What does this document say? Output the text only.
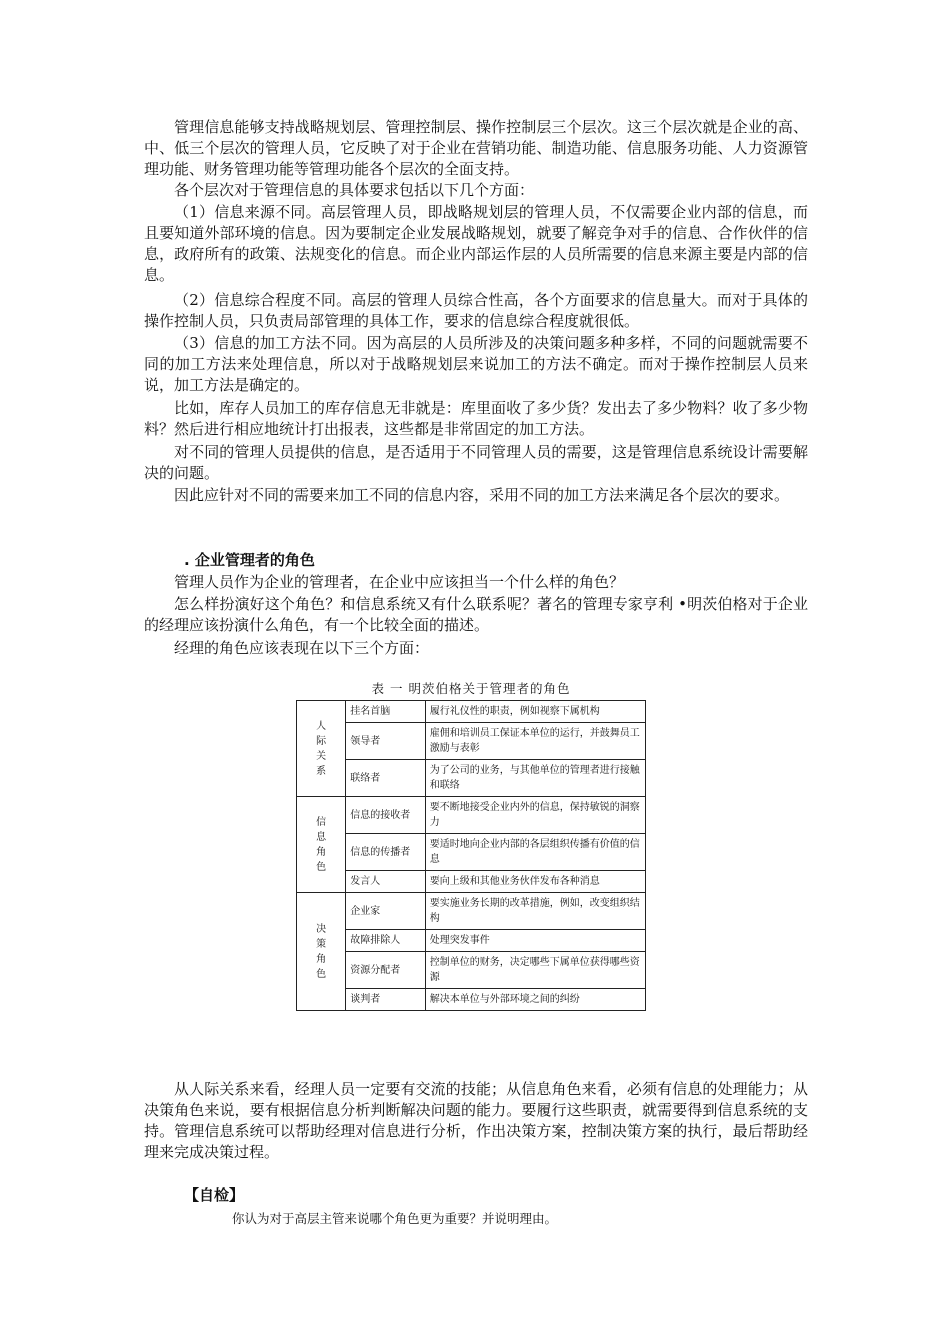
管理信息能够支持战略规划层、管理控制层、操作控制层三个层次。这三个层次就是企业的高、中、低三个层次的管理人员，它反映了对于企业在营销功能、制造功能、信息服务功能、人力资源管理功能、财务管理功能等管理功能各个层次的全面支持。

各个层次对于管理信息的具体要求包括以下几个方面：

（1）信息来源不同。高层管理人员，即战略规划层的管理人员，不仅需要企业内部的信息，而且要知道外部环境的信息。因为要制定企业发展战略规划，就要了解竞争对手的信息、合作伙伴的信息，政府所有的政策、法规变化的信息。而企业内部运作层的人员所需要的信息来源主要是内部的信息。

（2）信息综合程度不同。高层的管理人员综合性高，各个方面要求的信息量大。而对于具体的操作控制人员，只负责局部管理的具体工作，要求的信息综合程度就很低。

（3）信息的加工方法不同。因为高层的人员所涉及的决策问题多种多样，不同的问题就需要不同的加工方法来处理信息，所以对于战略规划层来说加工的方法不确定。而对于操作控制层人员来说，加工方法是确定的。

比如，库存人员加工的库存信息无非就是：库里面收了多少货？发出去了多少物料？收了多少物料？然后进行相应地统计打出报表，这些都是非常固定的加工方法。

对不同的管理人员提供的信息，是否适用于不同管理人员的需要，这是管理信息系统设计需要解决的问题。

因此应针对不同的需要来加工不同的信息内容，采用不同的加工方法来满足各个层次的要求。

. 企业管理者的角色

管理人员作为企业的管理者，在企业中应该担当一个什么样的角色？

怎么样扮演好这个角色？和信息系统又有什么联系呢？著名的管理专家亨利 •明茨伯格对于企业的经理应该扮演什么角色，有一个比较全面的描述。

经理的角色应该表现在以下三个方面：

表 一 明茨伯格关于管理者的角色

人
际
关
系	挂名首脑	履行礼仪性的职责，例如视察下属机构
	领导者	雇佣和培训员工保证本单位的运行，并鼓舞员工激励与表彰
	联络者	为了公司的业务，与其他单位的管理者进行接触和联络
信
息
角
色	信息的接收者	要不断地接受企业内外的信息，保持敏锐的洞察力
	信息的传播者	要适时地向企业内部的各层组织传播有价值的信息
	发言人	要向上级和其他业务伙伴发布各种消息
决
策
角
色	企业家	要实施业务长期的改革措施，例如，改变组织结构
	故障排除人	处理突发事件
	资源分配者	控制单位的财务，决定哪些下属单位获得哪些资源
	谈判者	解决本单位与外部环境之间的纠纷

从人际关系来看，经理人员一定要有交流的技能；从信息角色来看，必须有信息的处理能力；从决策角色来说，要有根据信息分析判断解决问题的能力。要履行这些职责，就需要得到信息系统的支持。管理信息系统可以帮助经理对信息进行分析，作出决策方案，控制决策方案的执行，最后帮助经理来完成决策过程。

【自检】

你认为对于高层主管来说哪个角色更为重要？并说明理由。
